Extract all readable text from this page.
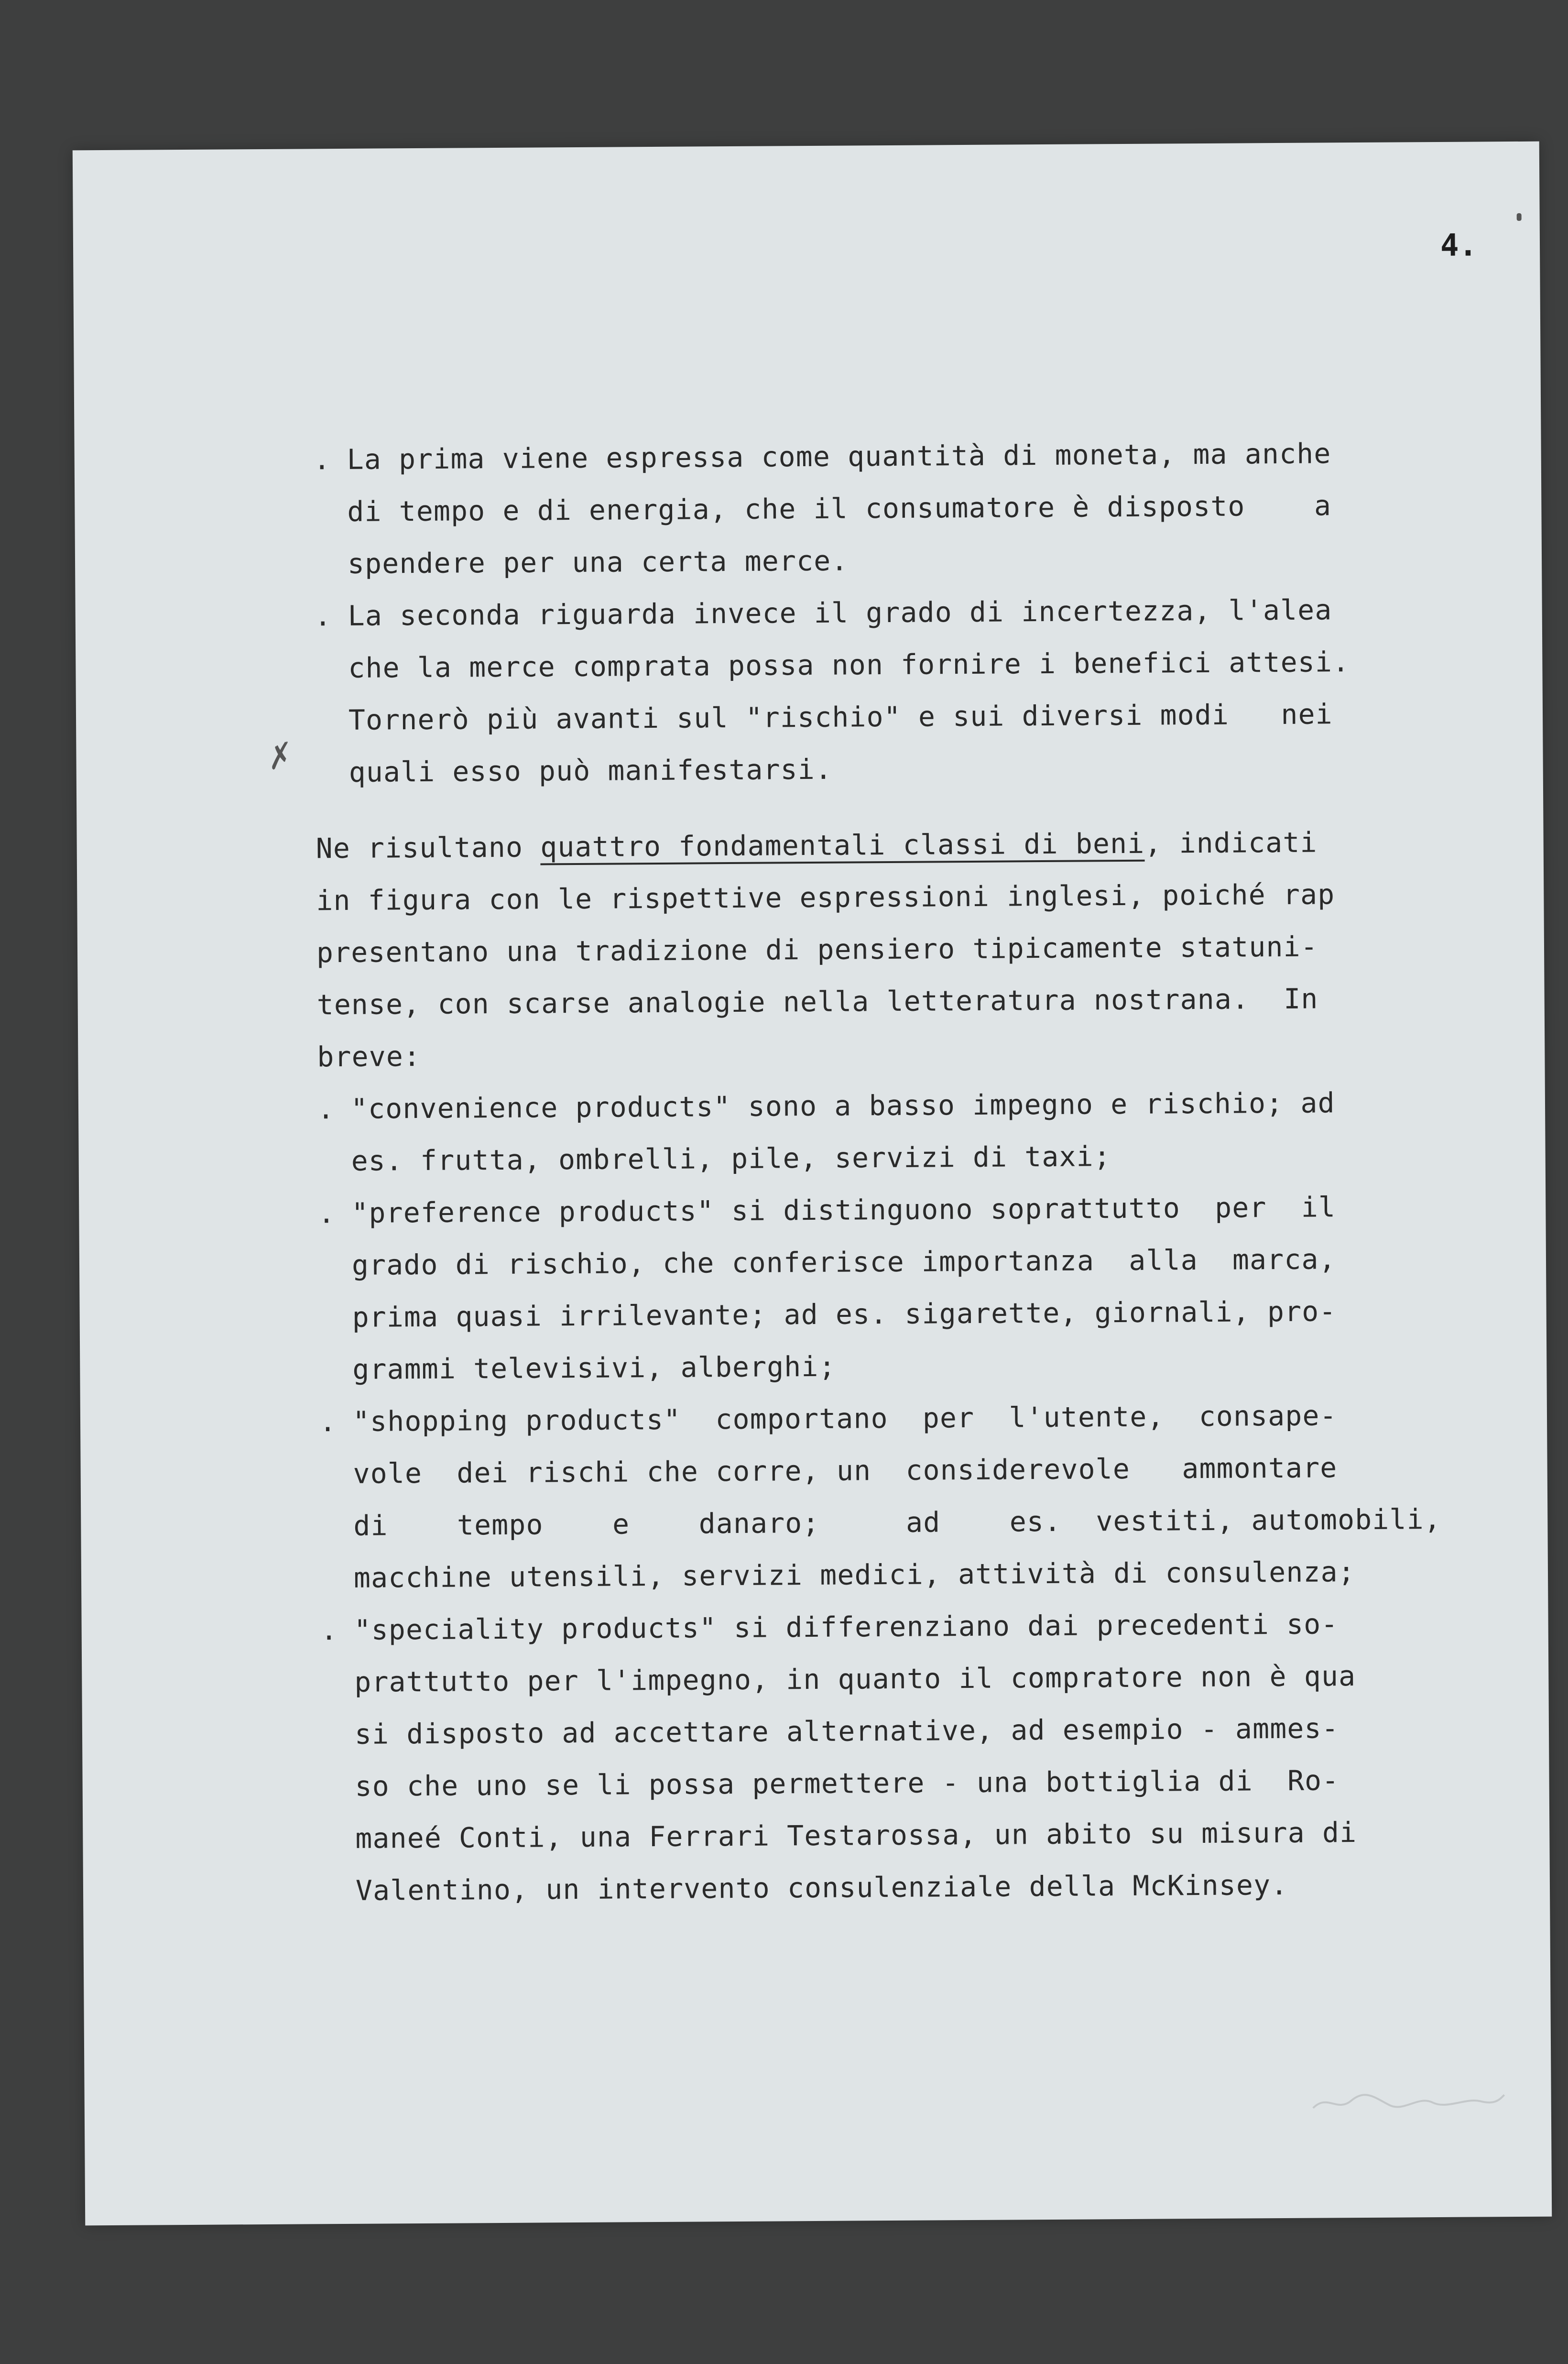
4.
✗
. La prima viene espressa come quantità di moneta, ma anche
di tempo e di energia, che il consumatore è disposto    a
spendere per una certa merce.
. La seconda riguarda invece il grado di incertezza, l'alea
che la merce comprata possa non fornire i benefici attesi.
Tornerò più avanti sul "rischio" e sui diversi modi   nei
quali esso può manifestarsi.
Ne risultano quattro fondamentali classi di beni, indicati
in figura con le rispettive espressioni inglesi, poiché rap
presentano una tradizione di pensiero tipicamente statuni-
tense, con scarse analogie nella letteratura nostrana.  In
breve:
. "convenience products" sono a basso impegno e rischio; ad
es. frutta, ombrelli, pile, servizi di taxi;
. "preference products" si distinguono soprattutto  per  il
grado di rischio, che conferisce importanza  alla  marca,
prima quasi irrilevante; ad es. sigarette, giornali, pro-
grammi televisivi, alberghi;
. "shopping products"  comportano  per  l'utente,  consape-
vole  dei rischi che corre, un  considerevole   ammontare
di    tempo    e    danaro;     ad    es.  vestiti, automobili,
macchine utensili, servizi medici, attività di consulenza;
. "speciality products" si differenziano dai precedenti so-
prattutto per l'impegno, in quanto il compratore non è qua
si disposto ad accettare alternative, ad esempio - ammes-
so che uno se li possa permettere - una bottiglia di  Ro-
maneé Conti, una Ferrari Testarossa, un abito su misura di
Valentino, un intervento consulenziale della McKinsey.
